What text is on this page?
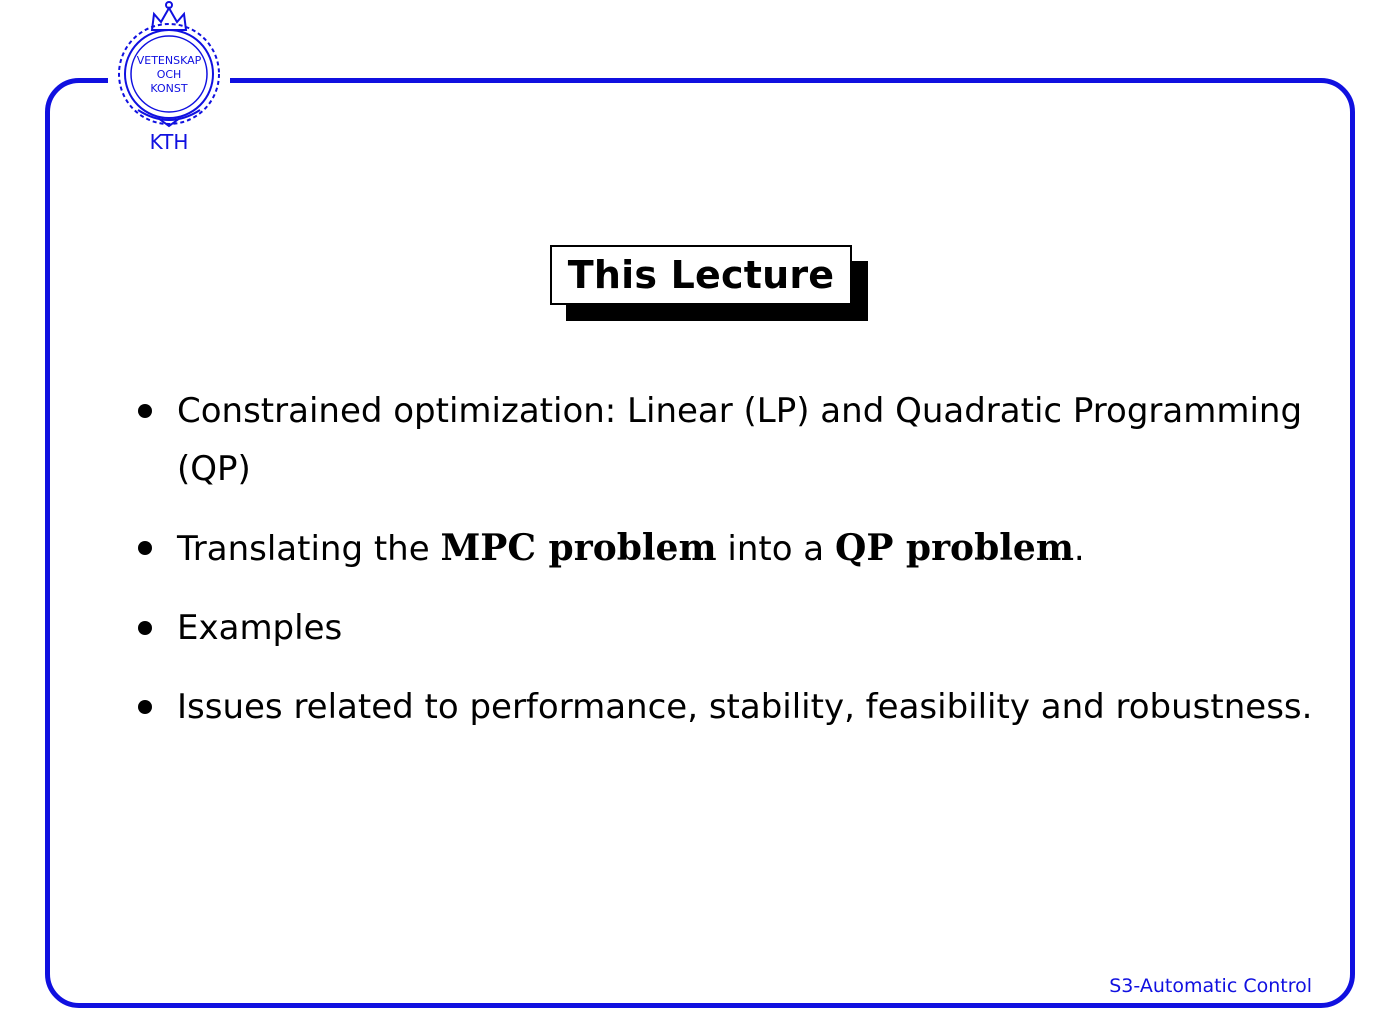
VETENSKAP
OCH
KONST
KTH
This Lecture
Constrained optimization: Linear (LP) and Quadratic Programming (QP)
Translating the MPC problem into a QP problem.
Examples
Issues related to performance, stability, feasibility and robustness.
S3-Automatic Control
